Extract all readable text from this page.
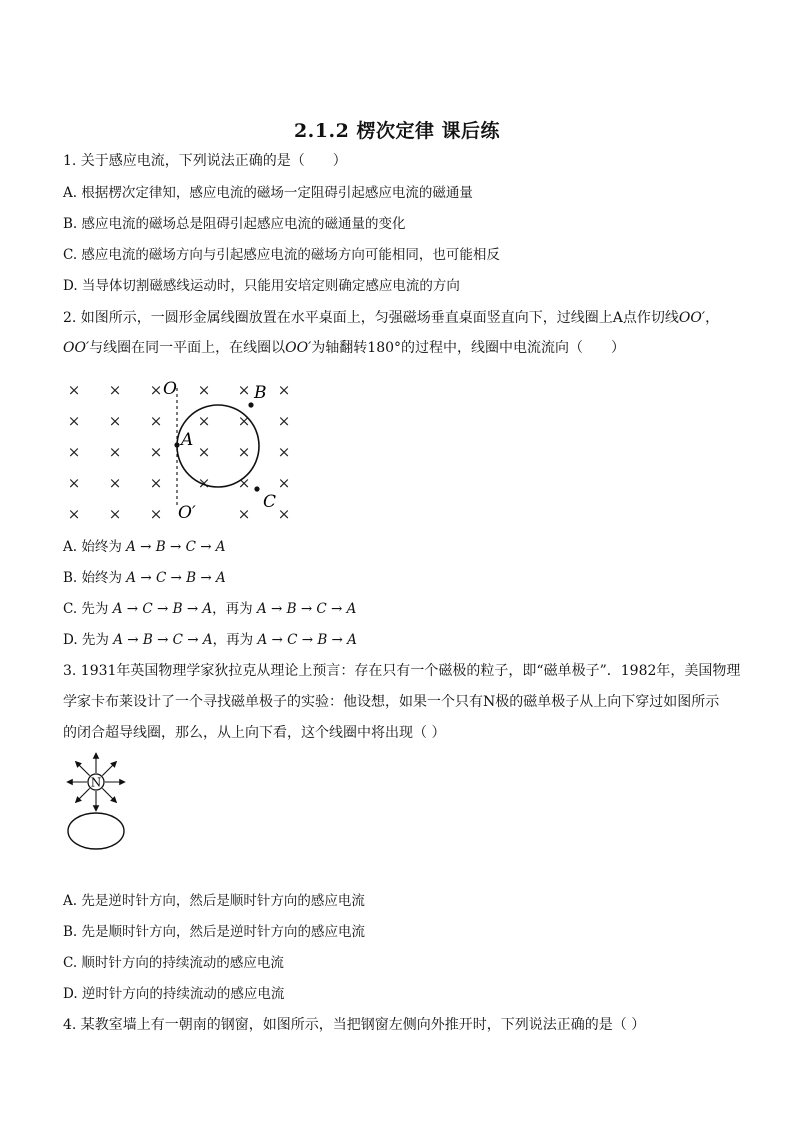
2.1.2 楞次定律 课后练
1. 关于感应电流，下列说法正确的是（　　）
A. 根据楞次定律知，感应电流的磁场一定阻碍引起感应电流的磁通量
B. 感应电流的磁场总是阻碍引起感应电流的磁通量的变化
C. 感应电流的磁场方向与引起感应电流的磁场方向可能相同，也可能相反
D. 当导体切割磁感线运动时，只能用安培定则确定感应电流的方向
2. 如图所示，一圆形金属线圈放置在水平桌面上，匀强磁场垂直桌面竖直向下，过线圈上A点作切线OO′，
OO′与线圈在同一平面上，在线圈以OO′为轴翻转180°的过程中，线圈中电流流向（　　）
× × × × × ×
× × × × × ×
× × × × × ×
× × × × × ×
× × ×	× ×
O
O′
A
B
C
A. 始终为 A → B → C → A
B. 始终为 A → C → B → A
C. 先为 A → C → B → A，再为 A → B → C → A
D. 先为 A → B → C → A，再为 A → C → B → A
3. 1931年英国物理学家狄拉克从理论上预言：存在只有一个磁极的粒子，即“磁单极子”．1982年，美国物理
学家卡布莱设计了一个寻找磁单极子的实验：他设想，如果一个只有N极的磁单极子从上向下穿过如图所示
的闭合超导线圈，那么，从上向下看，这个线圈中将出现（ ）
N
A. 先是逆时针方向，然后是顺时针方向的感应电流
B. 先是顺时针方向，然后是逆时针方向的感应电流
C. 顺时针方向的持续流动的感应电流
D. 逆时针方向的持续流动的感应电流
4. 某教室墙上有一朝南的钢窗，如图所示，当把钢窗左侧向外推开时，下列说法正确的是（ ）
